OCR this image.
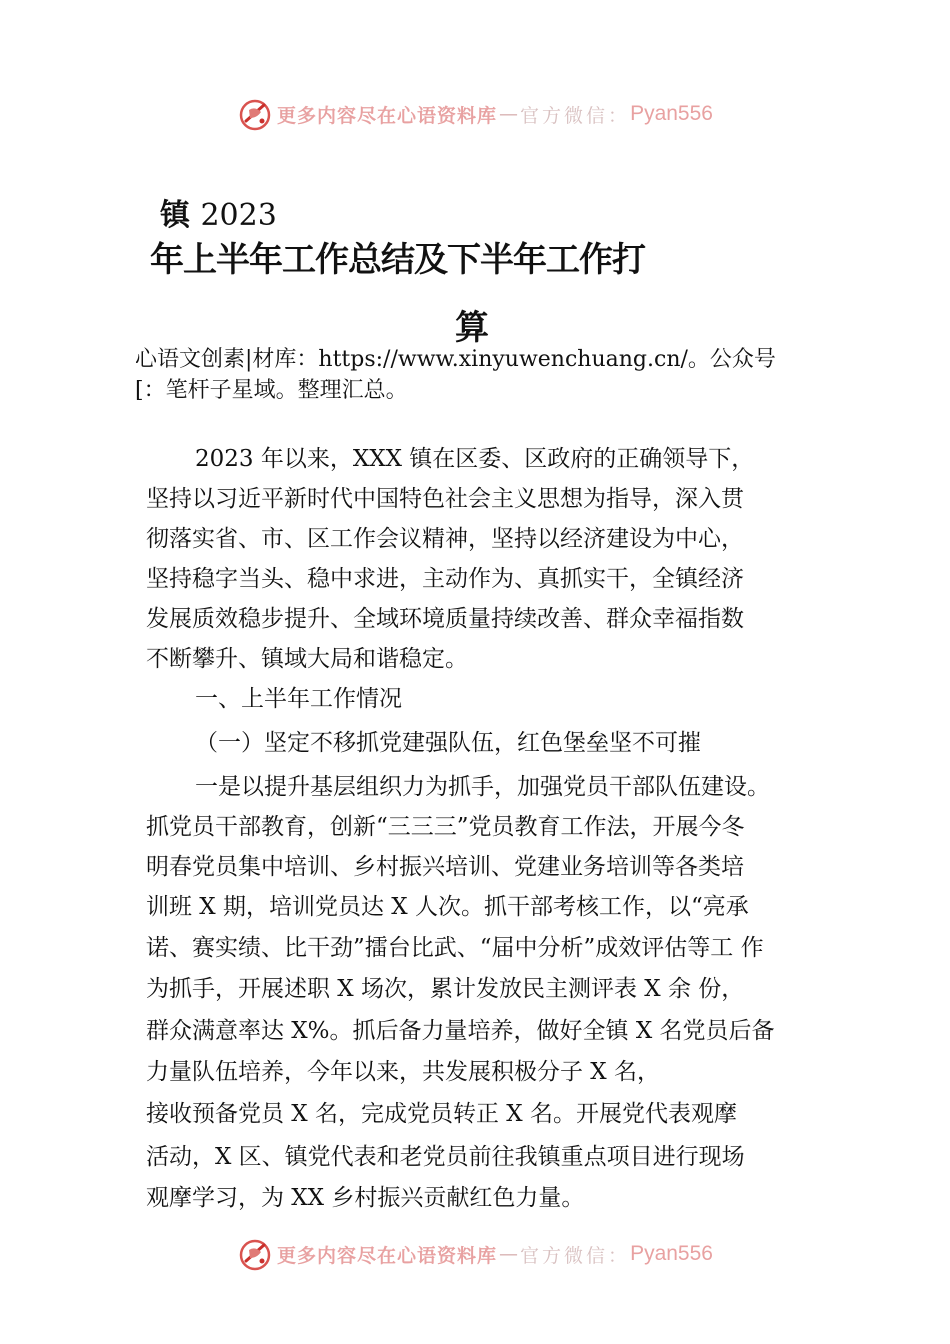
更多内容尽在心语资料库 — 官方微信： Pyan556
镇 2023
年上半年工作总结及下半年工作打
算
心语文创素|材库：https://www.xinyuwenchuang.cn/。公众号
[：笔杆子星域。整理汇总。
2023 年以来，XXX 镇在区委、区政府的正确领导下，
坚持以习近平新时代中国特色社会主义思想为指导，深入贯
彻落实省、市、区工作会议精神，坚持以经济建设为中心，
坚持稳字当头、稳中求进，主动作为、真抓实干，全镇经济
发展质效稳步提升、全域环境质量持续改善、群众幸福指数
不断攀升、镇域大局和谐稳定。
一、上半年工作情况
（一）坚定不移抓党建强队伍，红色堡垒坚不可摧
一是以提升基层组织力为抓手，加强党员干部队伍建设。
抓党员干部教育，创新“三三三”党员教育工作法，开展今冬
明春党员集中培训、乡村振兴培训、党建业务培训等各类培
训班 X 期，培训党员达 X 人次。抓干部考核工作，以“亮承
诺、赛实绩、比干劲”擂台比武、“届中分析”成效评估等工 作
为抓手，开展述职 X 场次，累计发放民主测评表 X 余 份，
群众满意率达 X%。抓后备力量培养，做好全镇 X 名党员后备
力量队伍培养，今年以来，共发展积极分子 X 名，
接收预备党员 X 名，完成党员转正 X 名。开展党代表观摩
活动，X 区、镇党代表和老党员前往我镇重点项目进行现场
观摩学习，为 XX 乡村振兴贡献红色力量。
更多内容尽在心语资料库 — 官方微信： Pyan556
